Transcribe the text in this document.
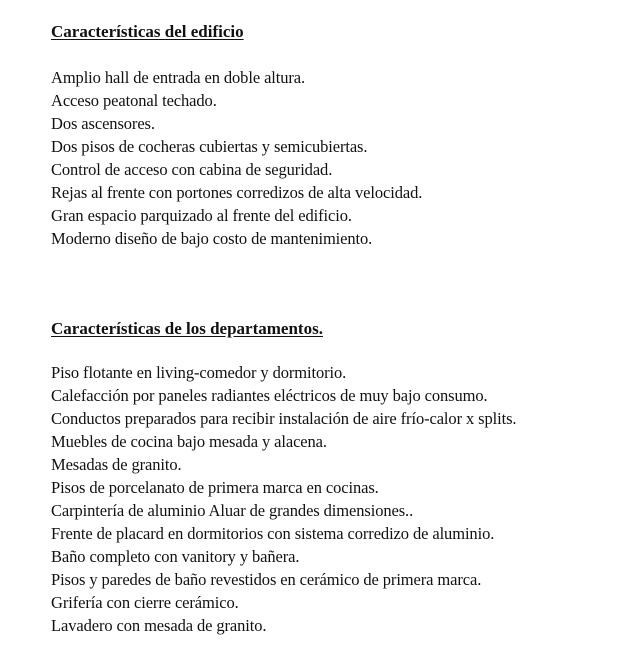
Características del edificio
Amplio hall de entrada en doble altura.
Acceso peatonal techado.
Dos ascensores.
Dos pisos de cocheras cubiertas y semicubiertas.
Control de acceso con cabina de seguridad.
Rejas al frente con portones corredizos de alta velocidad.
Gran espacio parquizado al frente del edificio.
Moderno diseño de bajo costo de mantenimiento.
Características de los departamentos.
Piso flotante en living-comedor y dormitorio.
Calefacción por paneles radiantes eléctricos de muy bajo consumo.
Conductos preparados para recibir instalación de aire frío-calor x splits.
Muebles de cocina bajo mesada y alacena.
Mesadas de granito.
Pisos de porcelanato de primera marca en cocinas.
Carpintería de aluminio Aluar de grandes dimensiones..
Frente de placard en dormitorios con sistema corredizo de aluminio.
Baño completo con vanitory y bañera.
Pisos y paredes de baño revestidos en cerámico de primera marca.
Grifería con cierre cerámico.
Lavadero con mesada de granito.
